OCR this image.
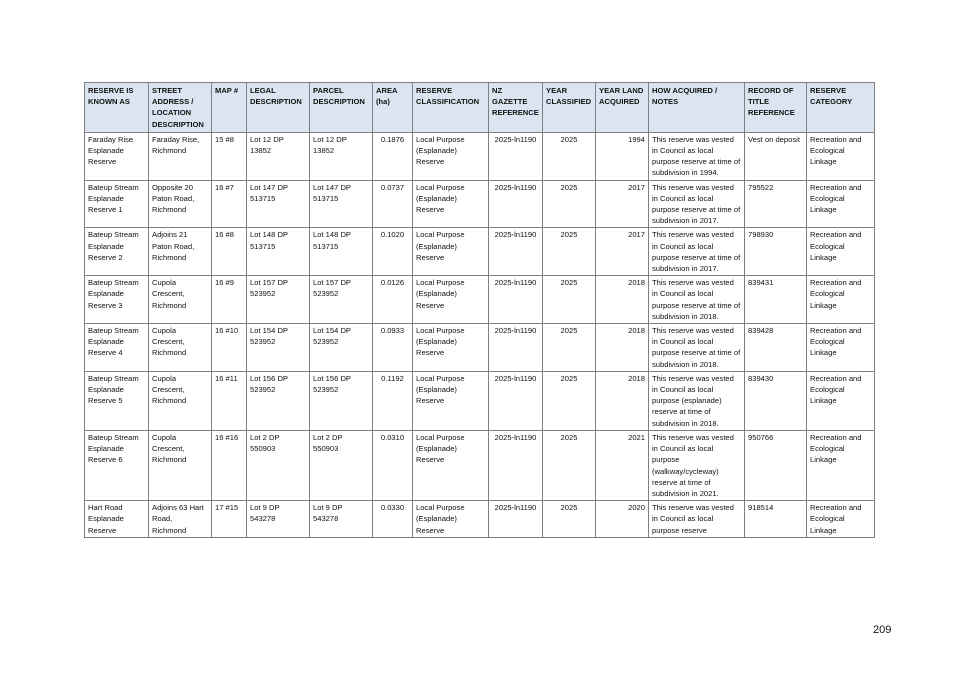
RESERVE IS KNOWN AS	STREET ADDRESS / LOCATION DESCRIPTION	MAP #	LEGAL DESCRIPTION	PARCEL DESCRIPTION	AREA (ha)	RESERVE CLASSIFICATION	NZ GAZETTE REFERENCE	YEAR CLASSIFIED	YEAR LAND ACQUIRED	HOW ACQUIRED / NOTES	RECORD OF TITLE REFERENCE	RESERVE CATEGORY
Faraday Rise Esplanade Reserve	Faraday Rise, Richmond	15 #8	Lot 12 DP 13852	Lot 12 DP 13852	0.1876	Local Purpose (Esplanade) Reserve	2025-ln1190	2025	1994	This reserve was vested in Council as local purpose reserve at time of subdivision in 1994.	Vest on deposit	Recreation and Ecological Linkage
Bateup Stream Esplanade Reserve 1	Opposite 20 Paton Road, Richmond	16 #7	Lot 147 DP 513715	Lot 147 DP 513715	0.0737	Local Purpose (Esplanade) Reserve	2025-ln1190	2025	2017	This reserve was vested in Council as local purpose reserve at time of subdivision in 2017.	795522	Recreation and Ecological Linkage
Bateup Stream Esplanade Reserve 2	Adjoins 21 Paton Road, Richmond	16 #8	Lot 148 DP 513715	Lot 148 DP 513715	0.1020	Local Purpose (Esplanade) Reserve	2025-ln1190	2025	2017	This reserve was vested in Council as local purpose reserve at time of subdivision in 2017.	798930	Recreation and Ecological Linkage
Bateup Stream Esplanade Reserve 3	Cupola Crescent, Richmond	16 #9	Lot 157 DP 523952	Lot 157 DP 523952	0.0126	Local Purpose (Esplanade) Reserve	2025-ln1190	2025	2018	This reserve was vested in Council as local purpose reserve at time of subdivision in 2018.	839431	Recreation and Ecological Linkage
Bateup Stream Esplanade Reserve 4	Cupola Crescent, Richmond	16 #10	Lot 154 DP 523952	Lot 154 DP 523952	0.0933	Local Purpose (Esplanade) Reserve	2025-ln1190	2025	2018	This reserve was vested in Council as local purpose reserve at time of subdivision in 2018.	839428	Recreation and Ecological Linkage
Bateup Stream Esplanade Reserve 5	Cupola Crescent, Richmond	16 #11	Lot 156 DP 523952	Lot 156 DP 523952	0.1192	Local Purpose (Esplanade) Reserve	2025-ln1190	2025	2018	This reserve was vested in Council as local purpose (esplanade) reserve at time of subdivision in 2018.	839430	Recreation and Ecological Linkage
Bateup Stream Esplanade Reserve 6	Cupola Crescent, Richmond	16 #16	Lot 2 DP 550903	Lot 2 DP 550903	0.0310	Local Purpose (Esplanade) Reserve	2025-ln1190	2025	2021	This reserve was vested in Council as local purpose (walkway/cycleway) reserve at time of subdivision in 2021.	950766	Recreation and Ecological Linkage
Hart Road Esplanade Reserve	Adjoins 63 Hart Road, Richmond	17 #15	Lot 9 DP 543278	Lot 9 DP 543278	0.0330	Local Purpose (Esplanade) Reserve	2025-ln1190	2025	2020	This reserve was vested in Council as local purpose reserve	918514	Recreation and Ecological Linkage
209
